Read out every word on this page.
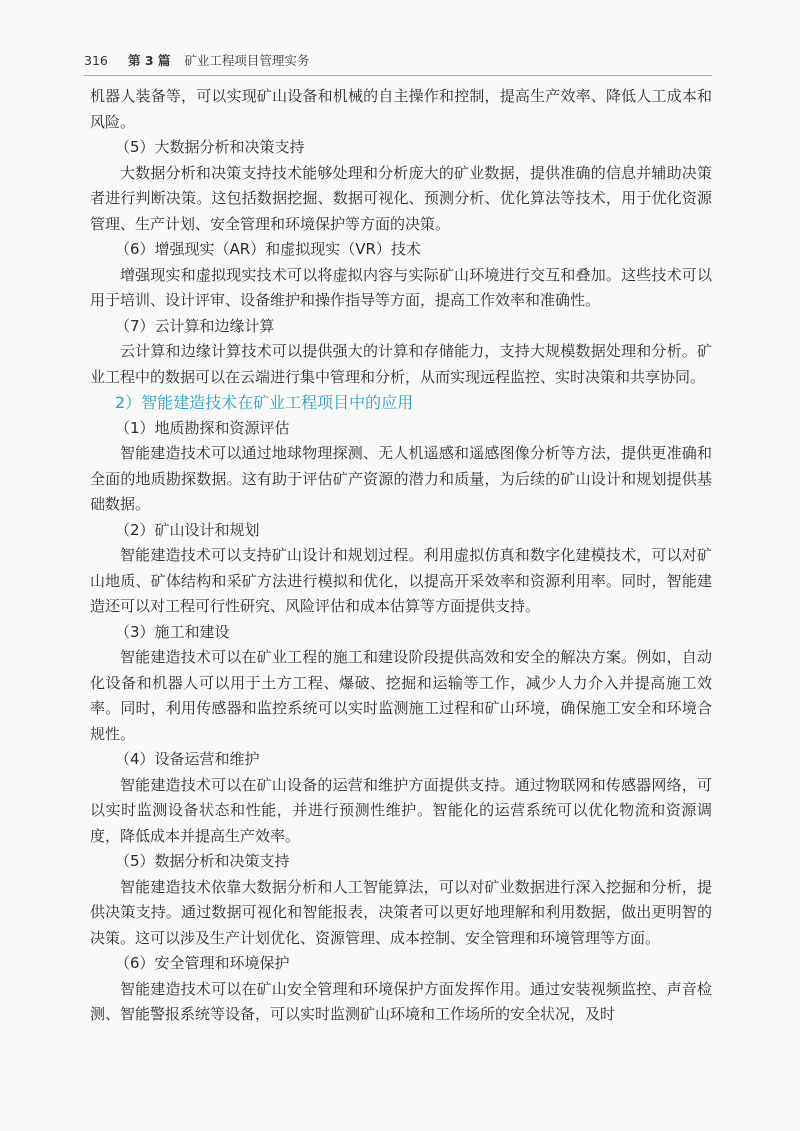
316	第 3 篇 矿业工程项目管理实务

机器人装备等，可以实现矿山设备和机械的自主操作和控制，提高生产效率、降低人工成本和风险。

（5）大数据分析和决策支持

大数据分析和决策支持技术能够处理和分析庞大的矿业数据，提供准确的信息并辅助决策者进行判断决策。这包括数据挖掘、数据可视化、预测分析、优化算法等技术，用于优化资源管理、生产计划、安全管理和环境保护等方面的决策。

（6）增强现实（AR）和虚拟现实（VR）技术

增强现实和虚拟现实技术可以将虚拟内容与实际矿山环境进行交互和叠加。这些技术可以用于培训、设计评审、设备维护和操作指导等方面，提高工作效率和准确性。

（7）云计算和边缘计算

云计算和边缘计算技术可以提供强大的计算和存储能力，支持大规模数据处理和分析。矿业工程中的数据可以在云端进行集中管理和分析，从而实现远程监控、实时决策和共享协同。

2）智能建造技术在矿业工程项目中的应用

（1）地质勘探和资源评估

智能建造技术可以通过地球物理探测、无人机遥感和遥感图像分析等方法，提供更准确和全面的地质勘探数据。这有助于评估矿产资源的潜力和质量，为后续的矿山设计和规划提供基础数据。

（2）矿山设计和规划

智能建造技术可以支持矿山设计和规划过程。利用虚拟仿真和数字化建模技术，可以对矿山地质、矿体结构和采矿方法进行模拟和优化，以提高开采效率和资源利用率。同时，智能建造还可以对工程可行性研究、风险评估和成本估算等方面提供支持。

（3）施工和建设

智能建造技术可以在矿业工程的施工和建设阶段提供高效和安全的解决方案。例如，自动化设备和机器人可以用于土方工程、爆破、挖掘和运输等工作，减少人力介入并提高施工效率。同时，利用传感器和监控系统可以实时监测施工过程和矿山环境，确保施工安全和环境合规性。

（4）设备运营和维护

智能建造技术可以在矿山设备的运营和维护方面提供支持。通过物联网和传感器网络，可以实时监测设备状态和性能，并进行预测性维护。智能化的运营系统可以优化物流和资源调度，降低成本并提高生产效率。

（5）数据分析和决策支持

智能建造技术依靠大数据分析和人工智能算法，可以对矿业数据进行深入挖掘和分析，提供决策支持。通过数据可视化和智能报表，决策者可以更好地理解和利用数据，做出更明智的决策。这可以涉及生产计划优化、资源管理、成本控制、安全管理和环境管理等方面。

（6）安全管理和环境保护

智能建造技术可以在矿山安全管理和环境保护方面发挥作用。通过安装视频监控、声音检测、智能警报系统等设备，可以实时监测矿山环境和工作场所的安全状况，及时
